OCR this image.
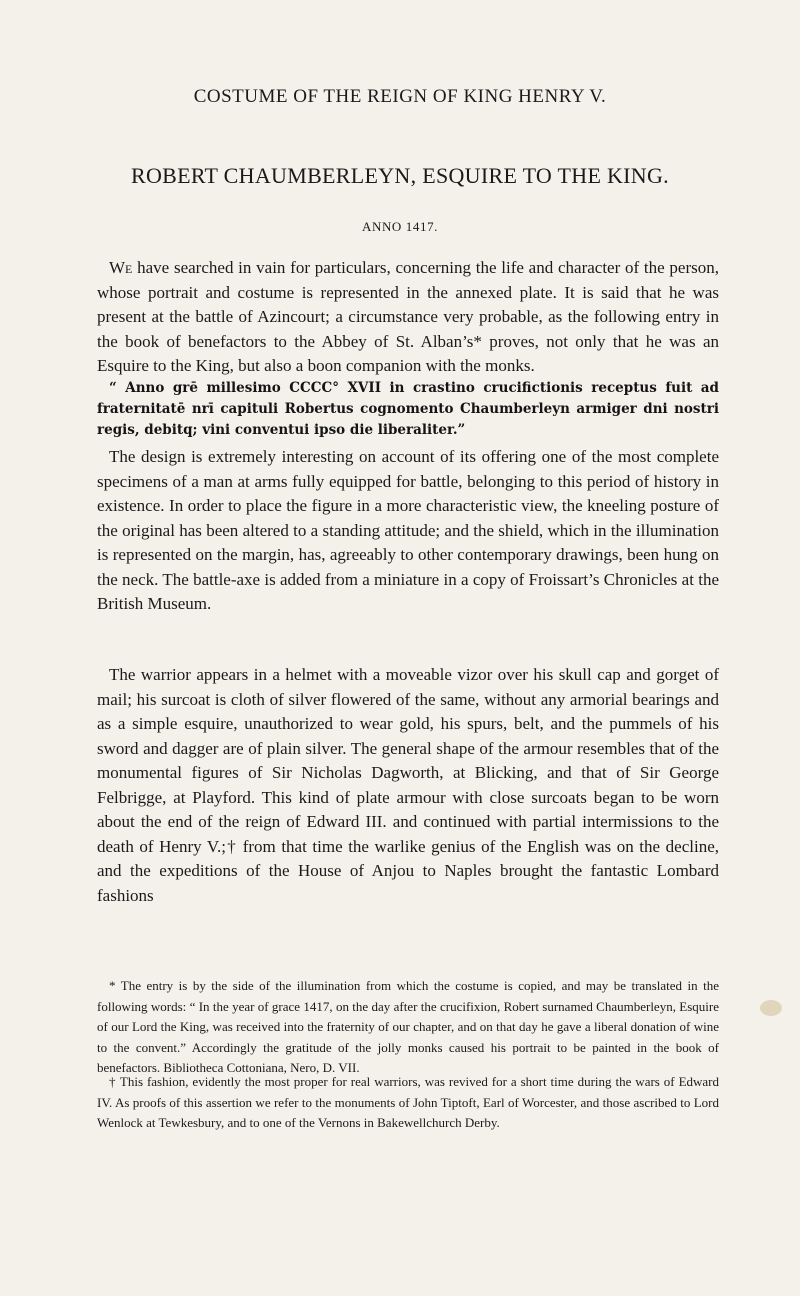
COSTUME OF THE REIGN OF KING HENRY V.
ROBERT CHAUMBERLEYN, ESQUIRE TO THE KING.
ANNO 1417.
We have searched in vain for particulars, concerning the life and character of the person, whose portrait and costume is represented in the annexed plate. It is said that he was present at the battle of Azincourt; a circumstance very probable, as the following entry in the book of benefactors to the Abbey of St. Alban’s* proves, not only that he was an Esquire to the King, but also a boon companion with the monks.
“ Anno grē millesimo CCCC° XVII in crastino crucifictionis receptus fuit ad fraternitatē nrī capituli Robertus cognomento Chaumberleyn armiger dni nostri regis, debitq; vini conventui ipso die liberaliter.”
The design is extremely interesting on account of its offering one of the most complete specimens of a man at arms fully equipped for battle, belonging to this period of history in existence. In order to place the figure in a more characteristic view, the kneeling posture of the original has been altered to a standing attitude; and the shield, which in the illumination is represented on the margin, has, agreeably to other contemporary drawings, been hung on the neck. The battle-axe is added from a miniature in a copy of Froissart’s Chronicles at the British Museum.
The warrior appears in a helmet with a moveable vizor over his skull cap and gorget of mail; his surcoat is cloth of silver flowered of the same, without any armorial bearings and as a simple esquire, unauthorized to wear gold, his spurs, belt, and the pummels of his sword and dagger are of plain silver. The general shape of the armour resembles that of the monumental figures of Sir Nicholas Dagworth, at Blicking, and that of Sir George Felbrigge, at Playford. This kind of plate armour with close surcoats began to be worn about the end of the reign of Edward III. and continued with partial intermissions to the death of Henry V.;† from that time the warlike genius of the English was on the decline, and the expeditions of the House of Anjou to Naples brought the fantastic Lombard fashions
* The entry is by the side of the illumination from which the costume is copied, and may be translated in the following words: “ In the year of grace 1417, on the day after the crucifixion, Robert surnamed Chaumberleyn, Esquire of our Lord the King, was received into the fraternity of our chapter, and on that day he gave a liberal donation of wine to the convent.” Accordingly the gratitude of the jolly monks caused his portrait to be painted in the book of benefactors. Bibliotheca Cottoniana, Nero, D. VII.
† This fashion, evidently the most proper for real warriors, was revived for a short time during the wars of Edward IV. As proofs of this assertion we refer to the monuments of John Tiptoft, Earl of Worcester, and those ascribed to Lord Wenlock at Tewkesbury, and to one of the Vernons in Bakewellchurch Derby.
